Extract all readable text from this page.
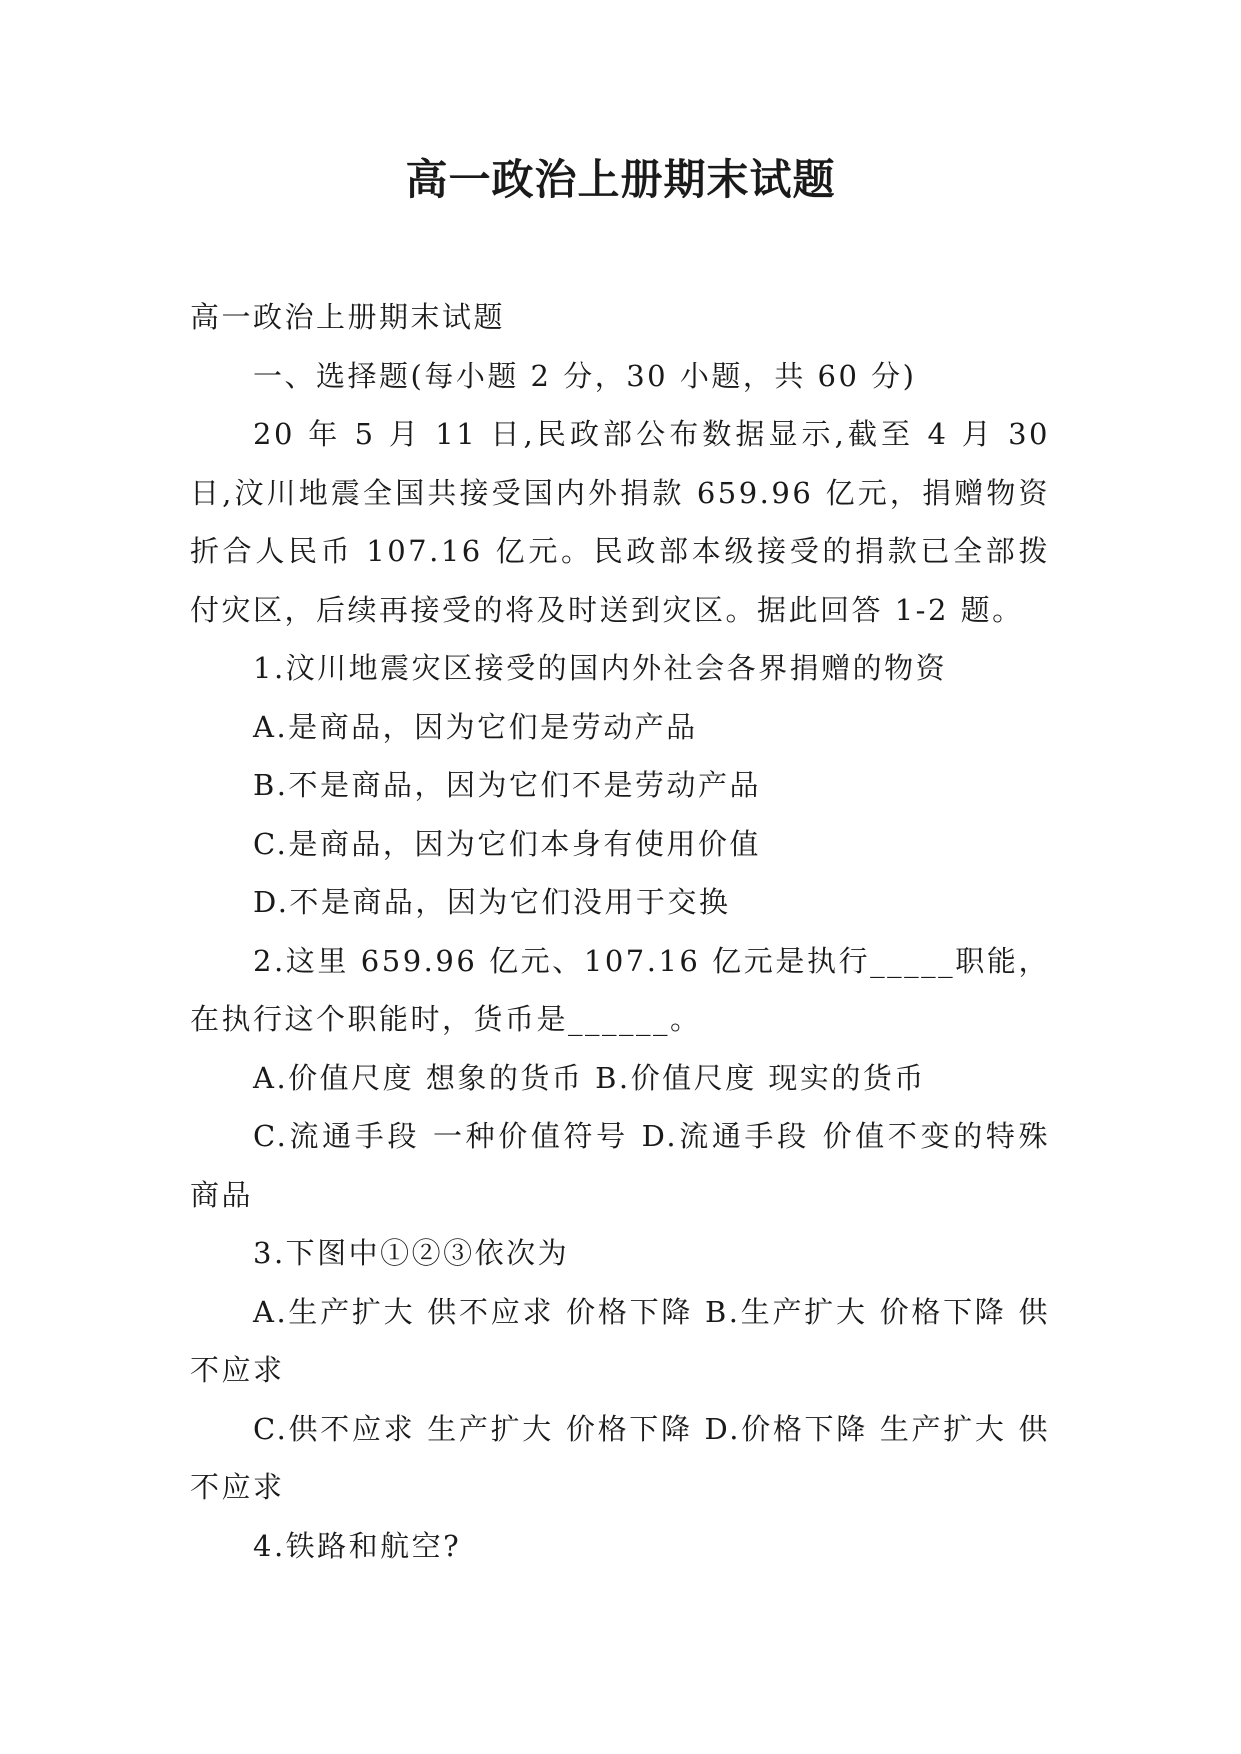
高一政治上册期末试题

高一政治上册期末试题

一、选择题(每小题 2 分，30 小题，共 60 分)

20 年 5 月 11 日,民政部公布数据显示,截至 4 月 30 日,汶川地震全国共接受国内外捐款 659.96 亿元，捐赠物资折合人民币 107.16 亿元。民政部本级接受的捐款已全部拨付灾区，后续再接受的将及时送到灾区。据此回答 1-2 题。

1.汶川地震灾区接受的国内外社会各界捐赠的物资

A.是商品，因为它们是劳动产品

B.不是商品，因为它们不是劳动产品

C.是商品，因为它们本身有使用价值

D.不是商品，因为它们没用于交换

2.这里 659.96 亿元、107.16 亿元是执行_____职能，在执行这个职能时，货币是______。

A.价值尺度 想象的货币 B.价值尺度 现实的货币

C.流通手段 一种价值符号 D.流通手段 价值不变的特殊商品

3.下图中①②③依次为

A.生产扩大 供不应求 价格下降 B.生产扩大 价格下降 供不应求

C.供不应求 生产扩大 价格下降 D.价格下降 生产扩大 供不应求

4.铁路和航空?
